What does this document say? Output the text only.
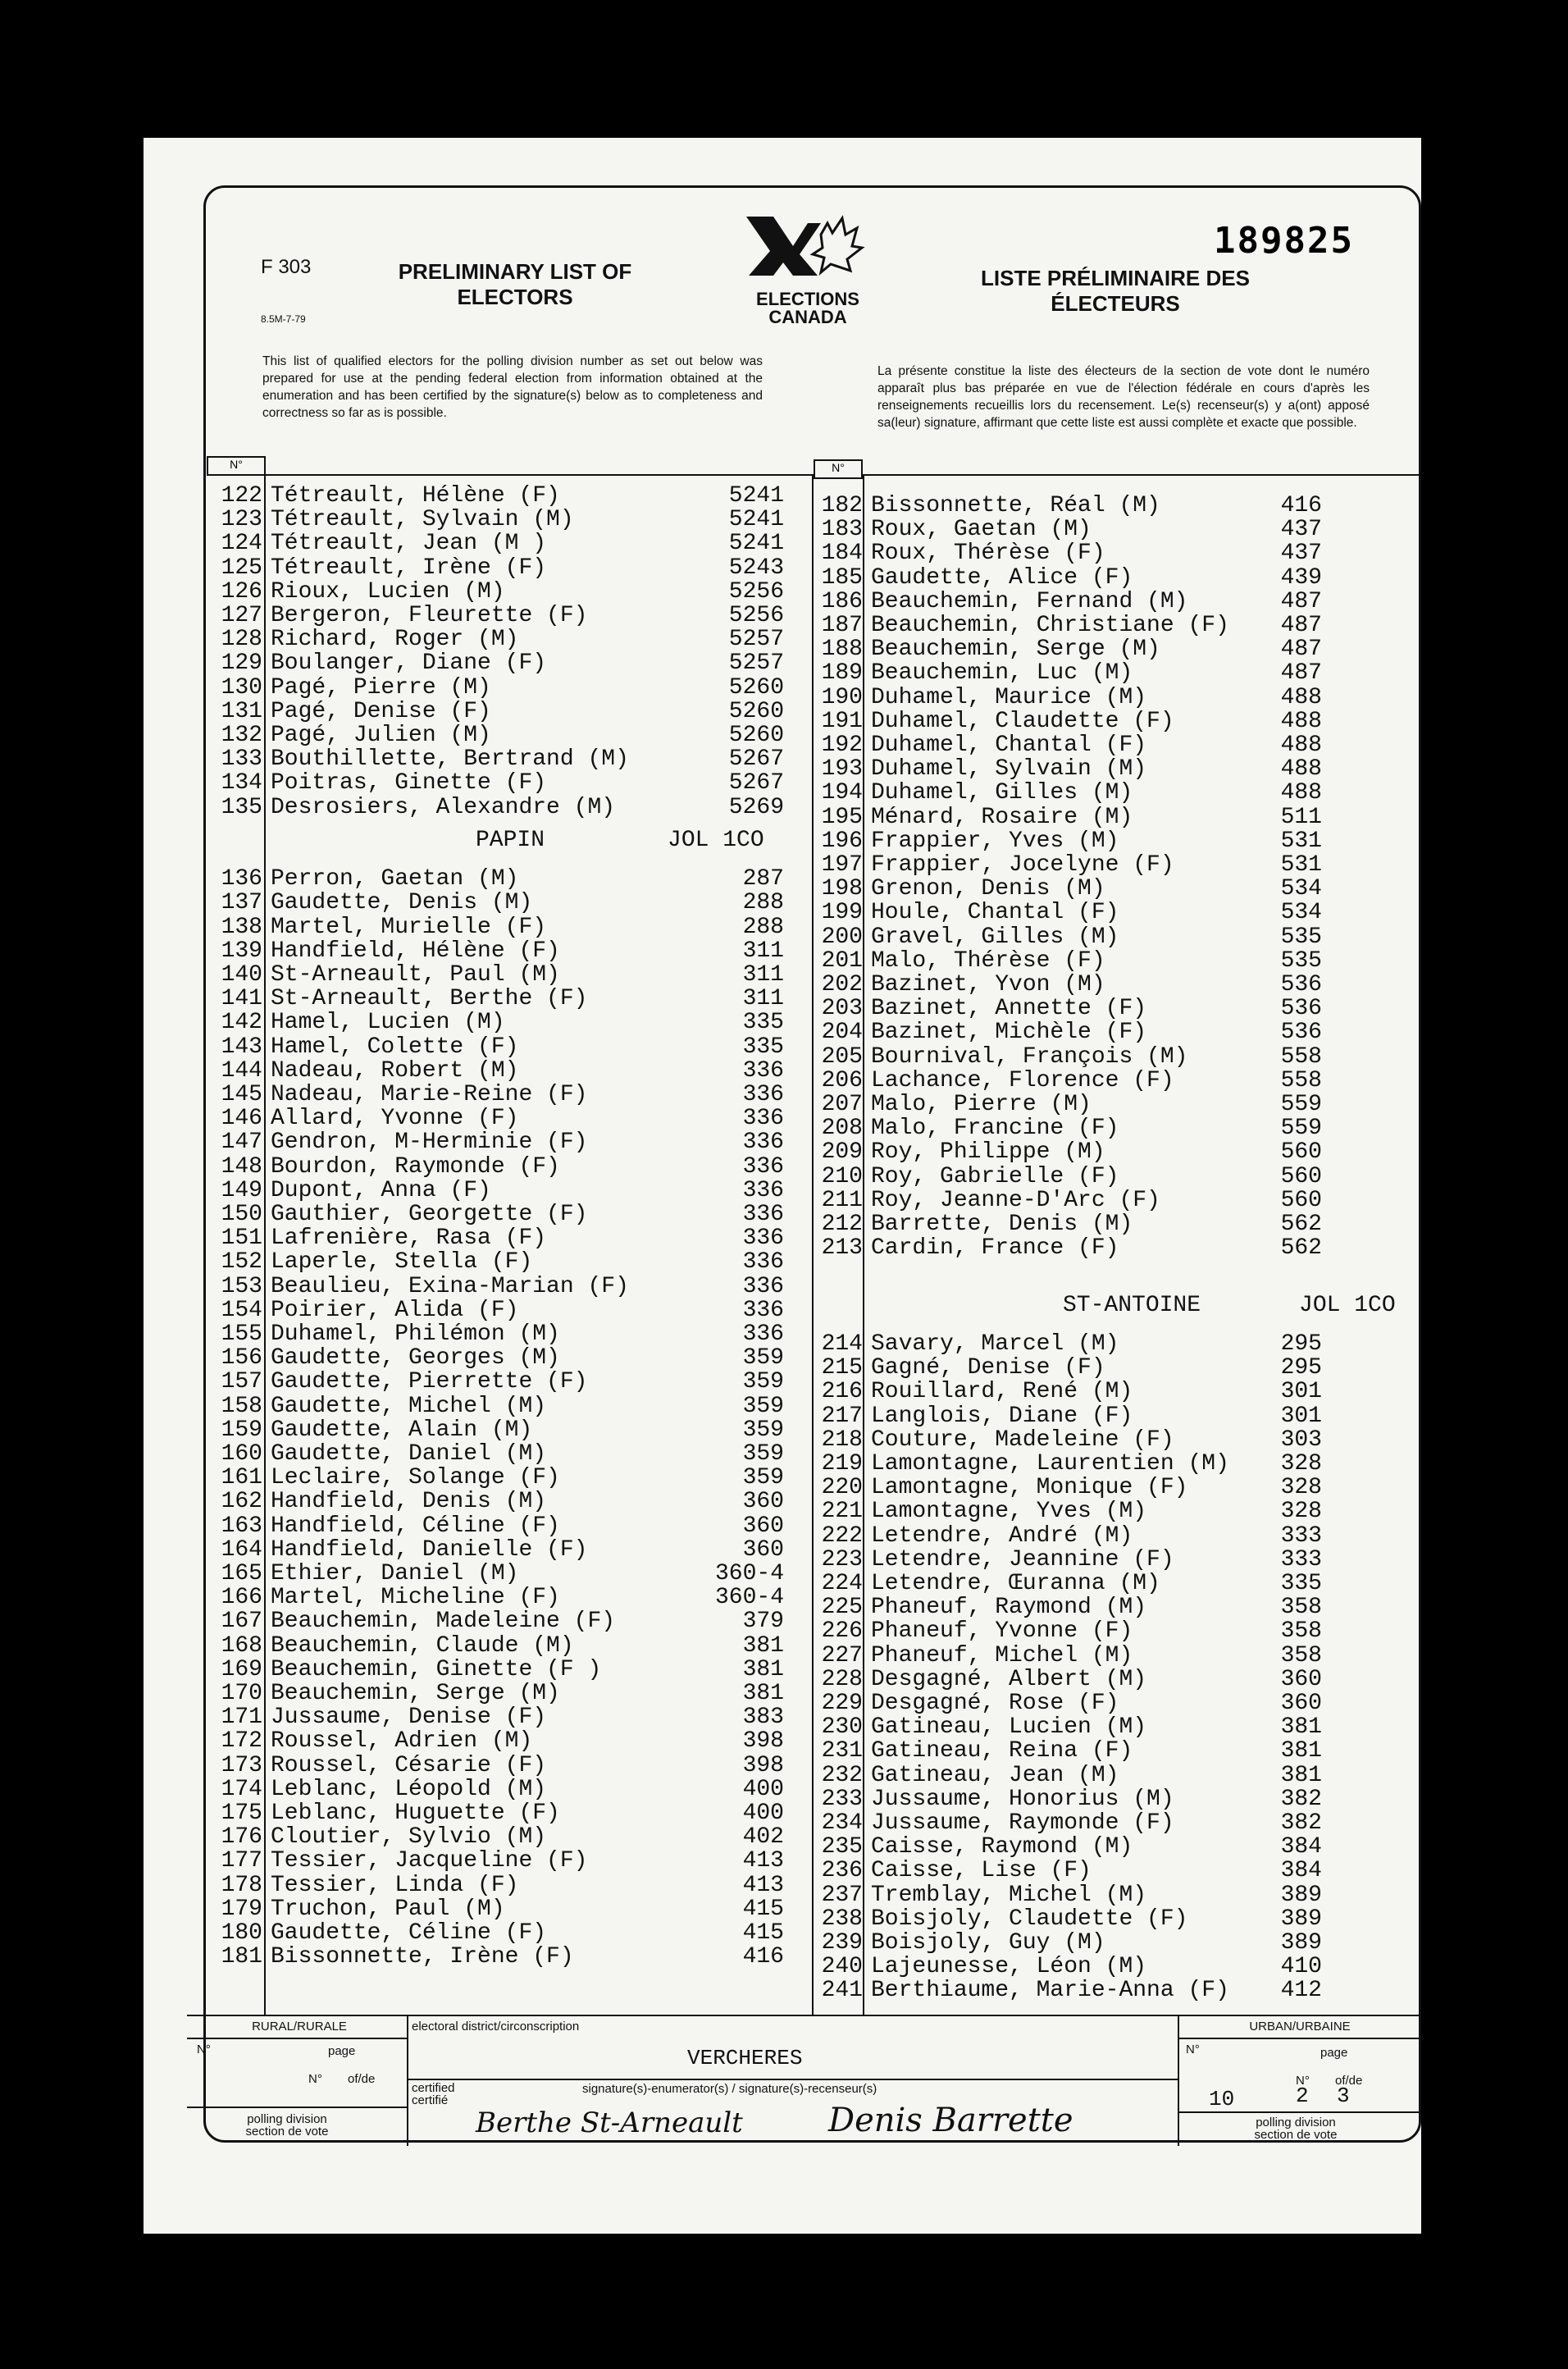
F 303
8.5M-7-79
PRELIMINARY LIST OF ELECTORS	ELECTIONS CANADA
189825
LISTE PRÉLIMINAIRE DES ÉLECTEURS
This list of qualified electors for the polling division number as set out below was prepared for use at the pending federal election from information obtained at the enumeration and has been certified by the signature(s) below as to completeness and correctness so far as is possible.
La présente constitue la liste des électeurs de la section de vote dont le numéro apparaît plus bas préparée en vue de l'élection fédérale en cours d'après les renseignements recueillis lors du recensement. Le(s) recenseur(s) y a(ont) apposé sa(leur) signature, affirmant que cette liste est aussi complète et exacte que possible.
N°	N°
122 Tétreault, Hélène (F)	5241
123 Tétreault, Sylvain (M)	5241
124 Tétreault, Jean (M )	5241
125 Tétreault, Irène (F)	5243
126 Rioux, Lucien (M)	5256
127 Bergeron, Fleurette (F)	5256
128 Richard, Roger (M)	5257
129 Boulanger, Diane (F)	5257
130 Pagé, Pierre (M)	5260
131 Pagé, Denise (F)	5260
132 Pagé, Julien (M)	5260
133 Bouthillette, Bertrand (M)	5267
134 Poitras, Ginette (F)	5267
135 Desrosiers, Alexandre (M)	5269
PAPIN	JOL 1CO
136 Perron, Gaetan (M)	287
137 Gaudette, Denis (M)	288
138 Martel, Murielle (F)	288
139 Handfield, Hélène (F)	311
140 St-Arneault, Paul (M)	311
141 St-Arneault, Berthe (F)	311
142 Hamel, Lucien (M)	335
143 Hamel, Colette (F)	335
144 Nadeau, Robert (M)	336
145 Nadeau, Marie-Reine (F)	336
146 Allard, Yvonne (F)	336
147 Gendron, M-Herminie (F)	336
148 Bourdon, Raymonde (F)	336
149 Dupont, Anna (F)	336
150 Gauthier, Georgette (F)	336
151 Lafrenière, Rasa (F)	336
152 Laperle, Stella (F)	336
153 Beaulieu, Exina-Marian (F)	336
154 Poirier, Alida (F)	336
155 Duhamel, Philémon (M)	336
156 Gaudette, Georges (M)	359
157 Gaudette, Pierrette (F)	359
158 Gaudette, Michel (M)	359
159 Gaudette, Alain (M)	359
160 Gaudette, Daniel (M)	359
161 Leclaire, Solange (F)	359
162 Handfield, Denis (M)	360
163 Handfield, Céline (F)	360
164 Handfield, Danielle (F)	360
165 Ethier, Daniel (M)	360-4
166 Martel, Micheline (F)	360-4
167 Beauchemin, Madeleine (F)	379
168 Beauchemin, Claude (M)	381
169 Beauchemin, Ginette (F )	381
170 Beauchemin, Serge (M)	381
171 Jussaume, Denise (F)	383
172 Roussel, Adrien (M)	398
173 Roussel, Césarie (F)	398
174 Leblanc, Léopold (M)	400
175 Leblanc, Huguette (F)	400
176 Cloutier, Sylvio (M)	402
177 Tessier, Jacqueline (F)	413
178 Tessier, Linda (F)	413
179 Truchon, Paul (M)	415
180 Gaudette, Céline (F)	415
181 Bissonnette, Irène (F)	416
182 Bissonnette, Réal (M)	416
183 Roux, Gaetan (M)	437
184 Roux, Thérèse (F)	437
185 Gaudette, Alice (F)	439
186 Beauchemin, Fernand (M)	487
187 Beauchemin, Christiane (F)	487
188 Beauchemin, Serge (M)	487
189 Beauchemin, Luc (M)	487
190 Duhamel, Maurice (M)	488
191 Duhamel, Claudette (F)	488
192 Duhamel, Chantal (F)	488
193 Duhamel, Sylvain (M)	488
194 Duhamel, Gilles (M)	488
195 Ménard, Rosaire (M)	511
196 Frappier, Yves (M)	531
197 Frappier, Jocelyne (F)	531
198 Grenon, Denis (M)	534
199 Houle, Chantal (F)	534
200 Gravel, Gilles (M)	535
201 Malo, Thérèse (F)	535
202 Bazinet, Yvon (M)	536
203 Bazinet, Annette (F)	536
204 Bazinet, Michèle (F)	536
205 Bournival, François (M)	558
206 Lachance, Florence (F)	558
207 Malo, Pierre (M)	559
208 Malo, Francine (F)	559
209 Roy, Philippe (M)	560
210 Roy, Gabrielle (F)	560
211 Roy, Jeanne-D'Arc (F)	560
212 Barrette, Denis (M)	562
213 Cardin, France (F)	562
ST-ANTOINE	JOL 1CO
214 Savary, Marcel (M)	295
215 Gagné, Denise (F)	295
216 Rouillard, René (M)	301
217 Langlois, Diane (F)	301
218 Couture, Madeleine (F)	303
219 Lamontagne, Laurentien (M)	328
220 Lamontagne, Monique (F)	328
221 Lamontagne, Yves (M)	328
222 Letendre, André (M)	333
223 Letendre, Jeannine (F)	333
224 Letendre, Œuranna (M)	335
225 Phaneuf, Raymond (M)	358
226 Phaneuf, Yvonne (F)	358
227 Phaneuf, Michel (M)	358
228 Desgagné, Albert (M)	360
229 Desgagné, Rose (F)	360
230 Gatineau, Lucien (M)	381
231 Gatineau, Reina (F)	381
232 Gatineau, Jean (M)	381
233 Jussaume, Honorius (M)	382
234 Jussaume, Raymonde (F)	382
235 Caisse, Raymond (M)	384
236 Caisse, Lise (F)	384
237 Tremblay, Michel (M)	389
238 Boisjoly, Claudette (F)	389
239 Boisjoly, Guy (M)	389
240 Lajeunesse, Léon (M)	410
241 Berthiaume, Marie-Anna (F)	412
RURAL/RURALE
N°	page
N° of/de
polling division
section de vote
electoral district/circonscription
VERCHERES
certified
certifié
signature(s)-enumerator(s) / signature(s)-recenseur(s)
Berthe St-Arneault	Denis Barrette
URBAN/URBAINE
N°	page
N° of/de
10	2 3
polling division
section de vote
